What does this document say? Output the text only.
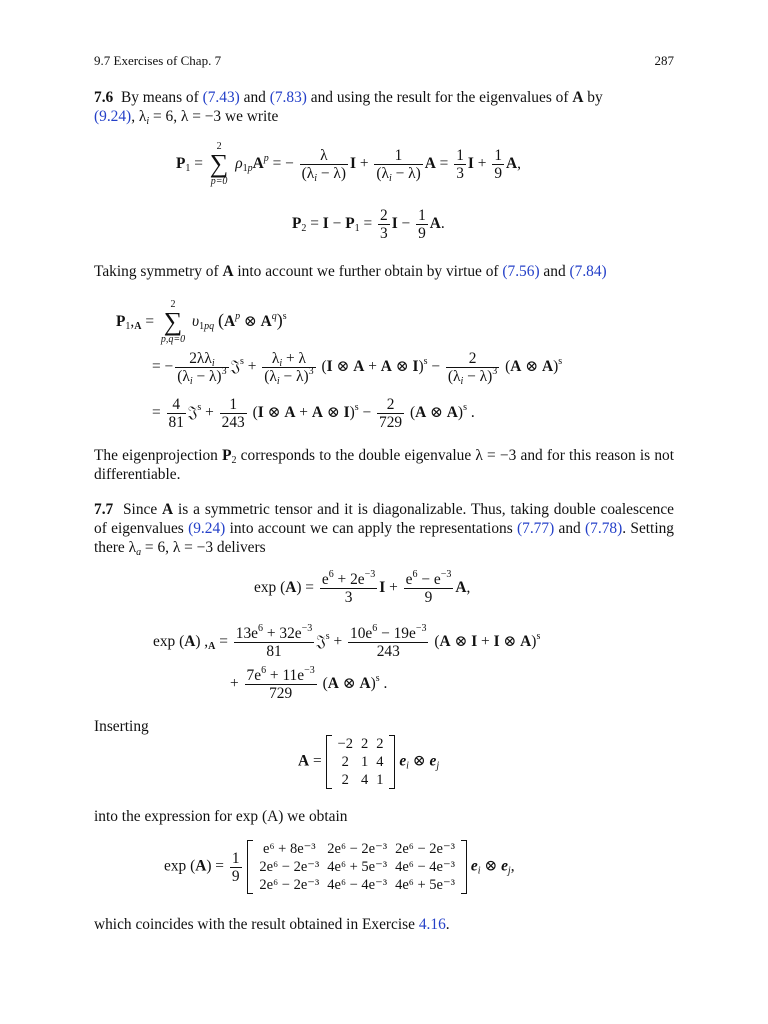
9.7 Exercises of Chap. 7	287
7.6 By means of (7.43) and (7.83) and using the result for the eigenvalues of A by
(9.24), $\lambda_i = 6$, λ = −3 we write
$P_1$ =
2
∑
p=0
$\rho_{1p}A^p$ = − $\frac{\lambda}{(\lambda_i - \lambda)}$ $I + \frac{1}{(\lambda_i - \lambda)}$ $A = \frac{1}{3}$ $I + \frac{1}{9} A$,
$P_2 = I - P_1 = \frac{2}{3}$ $I - \frac{1}{9} A$.
Taking symmetry of A into account we further obtain by virtue of (7.56) and (7.84)
$P_1,_A$ =
2
∑
p,q=0
$\upsilon_{1pq}$ ($A^p$ ⊗ $A^q)^s$
= − $\frac{2\lambda\lambda_i}{(\lambda_i - \lambda)^3}$ 𝔍$^s$ + $\frac{\lambda_i + \lambda}{(\lambda_i - \lambda)^3} (I$ ⊗ A + A ⊗ $I)^s - \frac{2}{(\lambda_i - \lambda)^3} (A$ ⊗ A)$^s$
= $\frac{4}{81}$ 𝔍$^s$ + $\frac{1}{243} (I$ ⊗ A + A ⊗ $I)^s - \frac{2}{729} (A$ ⊗ A)$^s$ .
The eigenprojection $P_2$ corresponds to the double eigenvalue λ = −3 and for this reason is not differentiable.
7.7 Since A is a symmetric tensor and it is diagonalizable. Thus, taking double coalescence of eigenvalues (9.24) into account we can apply the representations (7.77) and (7.78). Setting there $\lambda_a = 6$, λ = −3 delivers
$\exp (A) = \frac{e^6 + 2e^{-3}}{3}$ $I + \frac{e^6 - e^{-3}}{9} A$,
exp (A) $,_A = \frac{13e^6 + 32e^{-3}}{81}$ 𝔍$^s$ + $\frac{10e^6 - 19e^{-3}}{243} (A$ ⊗ I + I ⊗ A)$^s$
+ $\frac{7e^6 + 11e^{-3}}{729} (A$ ⊗ A)$^s$ .
Inserting
A =
−2	2	2
2	1	4
2	4	1
$e_i$ ⊗ $e_j$
into the expression for exp (A) we obtain
$\exp (A) = \frac{1}{9}$

e⁶ + 8e⁻³	2e⁶ − 2e⁻³	2e⁶ − 2e⁻³
2e⁶ − 2e⁻³	4e⁶ + 5e⁻³	4e⁶ − 4e⁻³
2e⁶ − 2e⁻³	4e⁶ − 4e⁻³	4e⁶ + 5e⁻³
$e_i$ ⊗ $e_j$,
which coincides with the result obtained in Exercise 4.16.
